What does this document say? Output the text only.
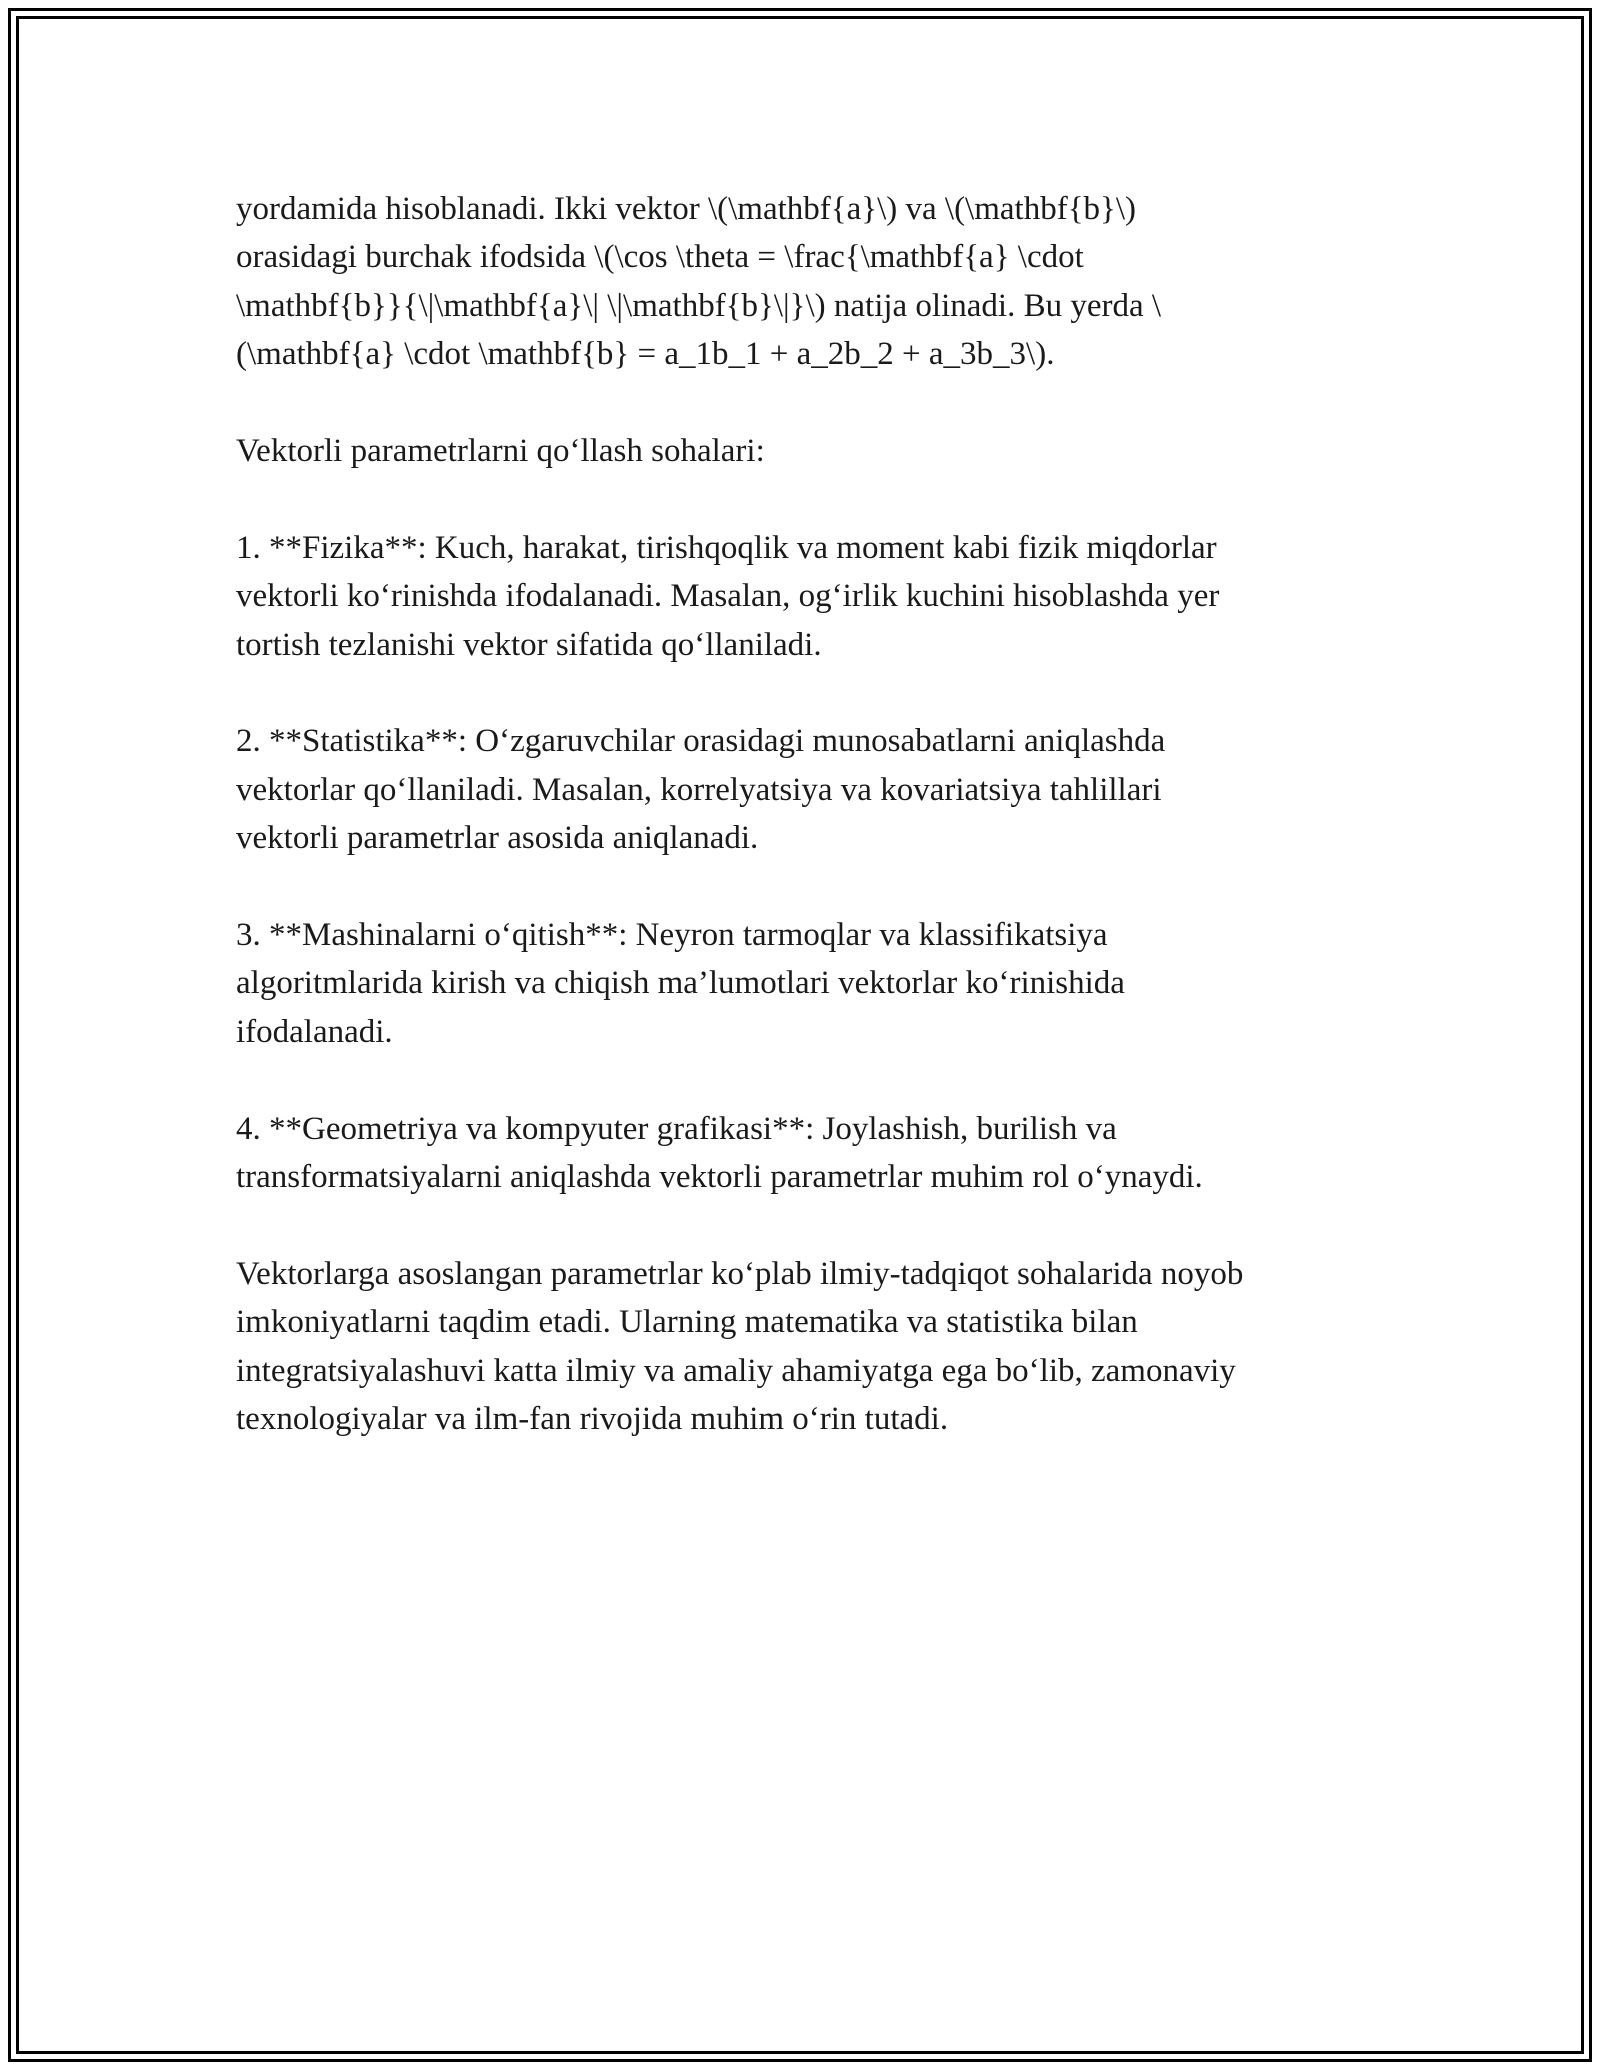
yordamida hisoblanadi. Ikki vektor \(\mathbf{a}\) va \(\mathbf{b}\)
orasidagi burchak ifodsida \(\cos \theta = \frac{\mathbf{a} \cdot
\mathbf{b}}{\|\mathbf{a}\| \|\mathbf{b}\|}\) natija olinadi. Bu yerda \
(\mathbf{a} \cdot \mathbf{b} = a_1b_1 + a_2b_2 + a_3b_3\).

Vektorli parametrlarni qo‘llash sohalari:

1. **Fizika**: Kuch, harakat, tirishqoqlik va moment kabi fizik miqdorlar
vektorli ko‘rinishda ifodalanadi. Masalan, og‘irlik kuchini hisoblashda yer
tortish tezlanishi vektor sifatida qo‘llaniladi.

2. **Statistika**: O‘zgaruvchilar orasidagi munosabatlarni aniqlashda
vektorlar qo‘llaniladi. Masalan, korrelyatsiya va kovariatsiya tahlillari
vektorli parametrlar asosida aniqlanadi.

3. **Mashinalarni o‘qitish**: Neyron tarmoqlar va klassifikatsiya
algoritmlarida kirish va chiqish ma’lumotlari vektorlar ko‘rinishida
ifodalanadi.

4. **Geometriya va kompyuter grafikasi**: Joylashish, burilish va
transformatsiyalarni aniqlashda vektorli parametrlar muhim rol o‘ynaydi.

Vektorlarga asoslangan parametrlar ko‘plab ilmiy-tadqiqot sohalarida noyob
imkoniyatlarni taqdim etadi. Ularning matematika va statistika bilan
integratsiyalashuvi katta ilmiy va amaliy ahamiyatga ega bo‘lib, zamonaviy
texnologiyalar va ilm-fan rivojida muhim o‘rin tutadi.
